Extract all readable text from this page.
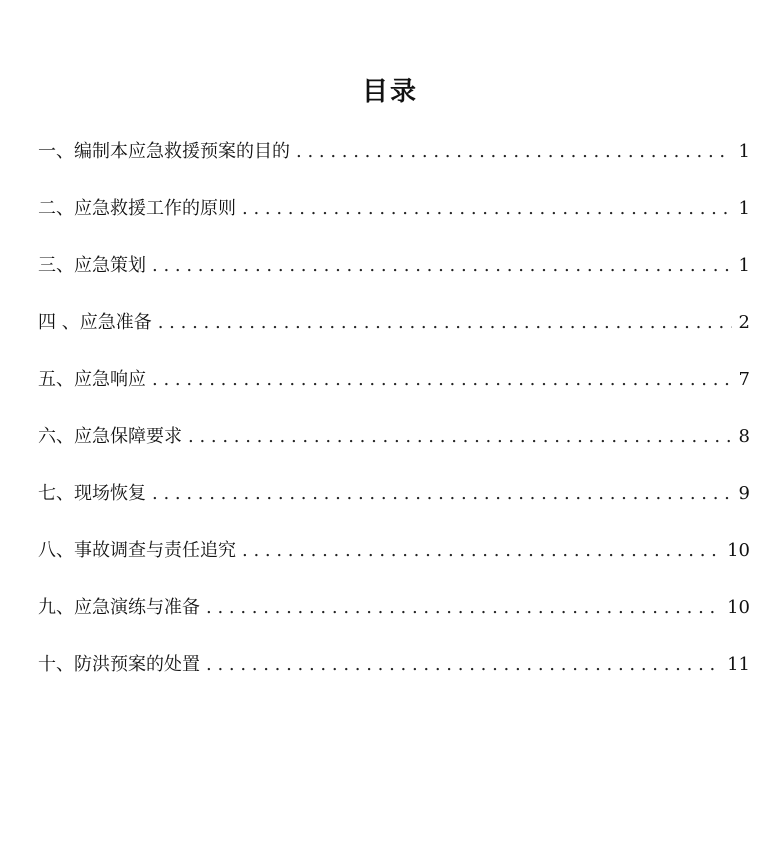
目录
一、编制本应急救援预案的目的 . . .	1
二、应急救援工作的原则 . . .	1
三、应急策划 . . .	1
四 、应急准备 . . .	2
五、应急响应 . . .	7
六、应急保障要求 . . .	8
七、现场恢复 . . .	9
八、事故调查与责任追究 . . .	10
九、应急演练与准备 . . .	10
十、防洪预案的处置 . . .	11
